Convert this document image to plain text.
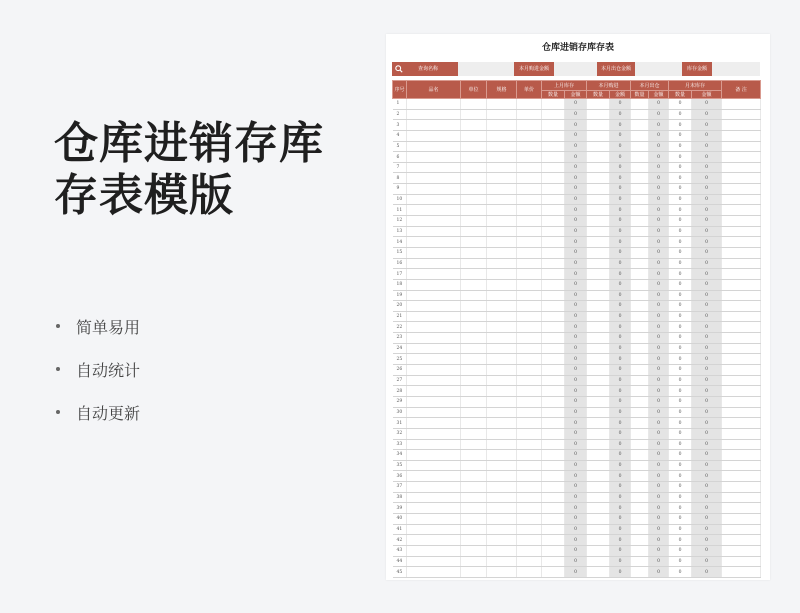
仓库进销存库存表模版
简单易用
自动统计
自动更新
仓库进销存库存表
查询名称	本月购进金额	本月出仓金额	库存金额
序号	品名	单位	规格	单价	上月库存		本月购进		本月出仓		月末库存		备 注
					数量	金额	数量	金额	数量	金额	数量	金额	
1						0		0		0	0	0	
2						0		0		0	0	0	
3						0		0		0	0	0	
4						0		0		0	0	0	
5						0		0		0	0	0	
6						0		0		0	0	0	
7						0		0		0	0	0	
8						0		0		0	0	0	
9						0		0		0	0	0	
10						0		0		0	0	0	
11						0		0		0	0	0	
12						0		0		0	0	0	
13						0		0		0	0	0	
14						0		0		0	0	0	
15						0		0		0	0	0	
16						0		0		0	0	0	
17						0		0		0	0	0	
18						0		0		0	0	0	
19						0		0		0	0	0	
20						0		0		0	0	0	
21						0		0		0	0	0	
22						0		0		0	0	0	
23						0		0		0	0	0	
24						0		0		0	0	0	
25						0		0		0	0	0	
26						0		0		0	0	0	
27						0		0		0	0	0	
28						0		0		0	0	0	
29						0		0		0	0	0	
30						0		0		0	0	0	
31						0		0		0	0	0	
32						0		0		0	0	0	
33						0		0		0	0	0	
34						0		0		0	0	0	
35						0		0		0	0	0	
36						0		0		0	0	0	
37						0		0		0	0	0	
38						0		0		0	0	0	
39						0		0		0	0	0	
40						0		0		0	0	0	
41						0		0		0	0	0	
42						0		0		0	0	0	
43						0		0		0	0	0	
44						0		0		0	0	0	
45						0		0		0	0	0	
